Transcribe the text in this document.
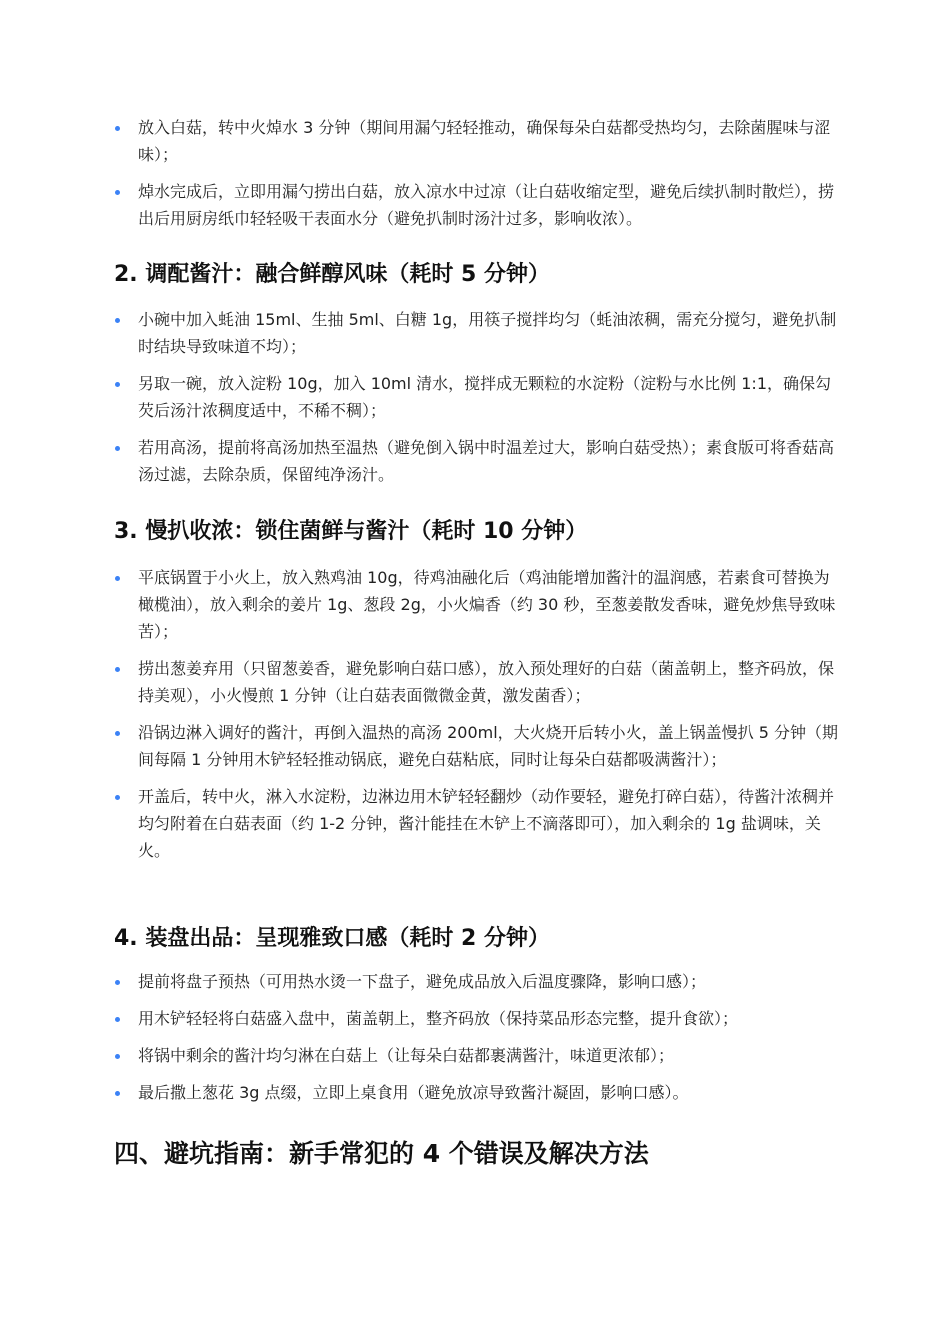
放入白菇，转中火焯水 3 分钟（期间用漏勺轻轻推动，确保每朵白菇都受热均匀，去除菌腥味与涩味）；
焯水完成后，立即用漏勺捞出白菇，放入凉水中过凉（让白菇收缩定型，避免后续扒制时散烂），捞出后用厨房纸巾轻轻吸干表面水分（避免扒制时汤汁过多，影响收浓）。
2. 调配酱汁：融合鲜醇风味（耗时 5 分钟）
小碗中加入蚝油 15ml、生抽 5ml、白糖 1g，用筷子搅拌均匀（蚝油浓稠，需充分搅匀，避免扒制时结块导致味道不均）；
另取一碗，放入淀粉 10g，加入 10ml 清水，搅拌成无颗粒的水淀粉（淀粉与水比例 1:1，确保勾芡后汤汁浓稠度适中，不稀不稠）；
若用高汤，提前将高汤加热至温热（避免倒入锅中时温差过大，影响白菇受热）；素食版可将香菇高汤过滤，去除杂质，保留纯净汤汁。
3. 慢扒收浓：锁住菌鲜与酱汁（耗时 10 分钟）
平底锅置于小火上，放入熟鸡油 10g，待鸡油融化后（鸡油能增加酱汁的温润感，若素食可替换为橄榄油），放入剩余的姜片 1g、葱段 2g，小火煸香（约 30 秒，至葱姜散发香味，避免炒焦导致味苦）；
捞出葱姜弃用（只留葱姜香，避免影响白菇口感），放入预处理好的白菇（菌盖朝上，整齐码放，保持美观），小火慢煎 1 分钟（让白菇表面微微金黄，激发菌香）；
沿锅边淋入调好的酱汁，再倒入温热的高汤 200ml，大火烧开后转小火，盖上锅盖慢扒 5 分钟（期间每隔 1 分钟用木铲轻轻推动锅底，避免白菇粘底，同时让每朵白菇都吸满酱汁）；
开盖后，转中火，淋入水淀粉，边淋边用木铲轻轻翻炒（动作要轻，避免打碎白菇），待酱汁浓稠并均匀附着在白菇表面（约 1-2 分钟，酱汁能挂在木铲上不滴落即可），加入剩余的 1g 盐调味，关火。
4. 装盘出品：呈现雅致口感（耗时 2 分钟）
提前将盘子预热（可用热水烫一下盘子，避免成品放入后温度骤降，影响口感）；
用木铲轻轻将白菇盛入盘中，菌盖朝上，整齐码放（保持菜品形态完整，提升食欲）；
将锅中剩余的酱汁均匀淋在白菇上（让每朵白菇都裹满酱汁，味道更浓郁）；
最后撒上葱花 3g 点缀，立即上桌食用（避免放凉导致酱汁凝固，影响口感）。
四、避坑指南：新手常犯的 4 个错误及解决方法
